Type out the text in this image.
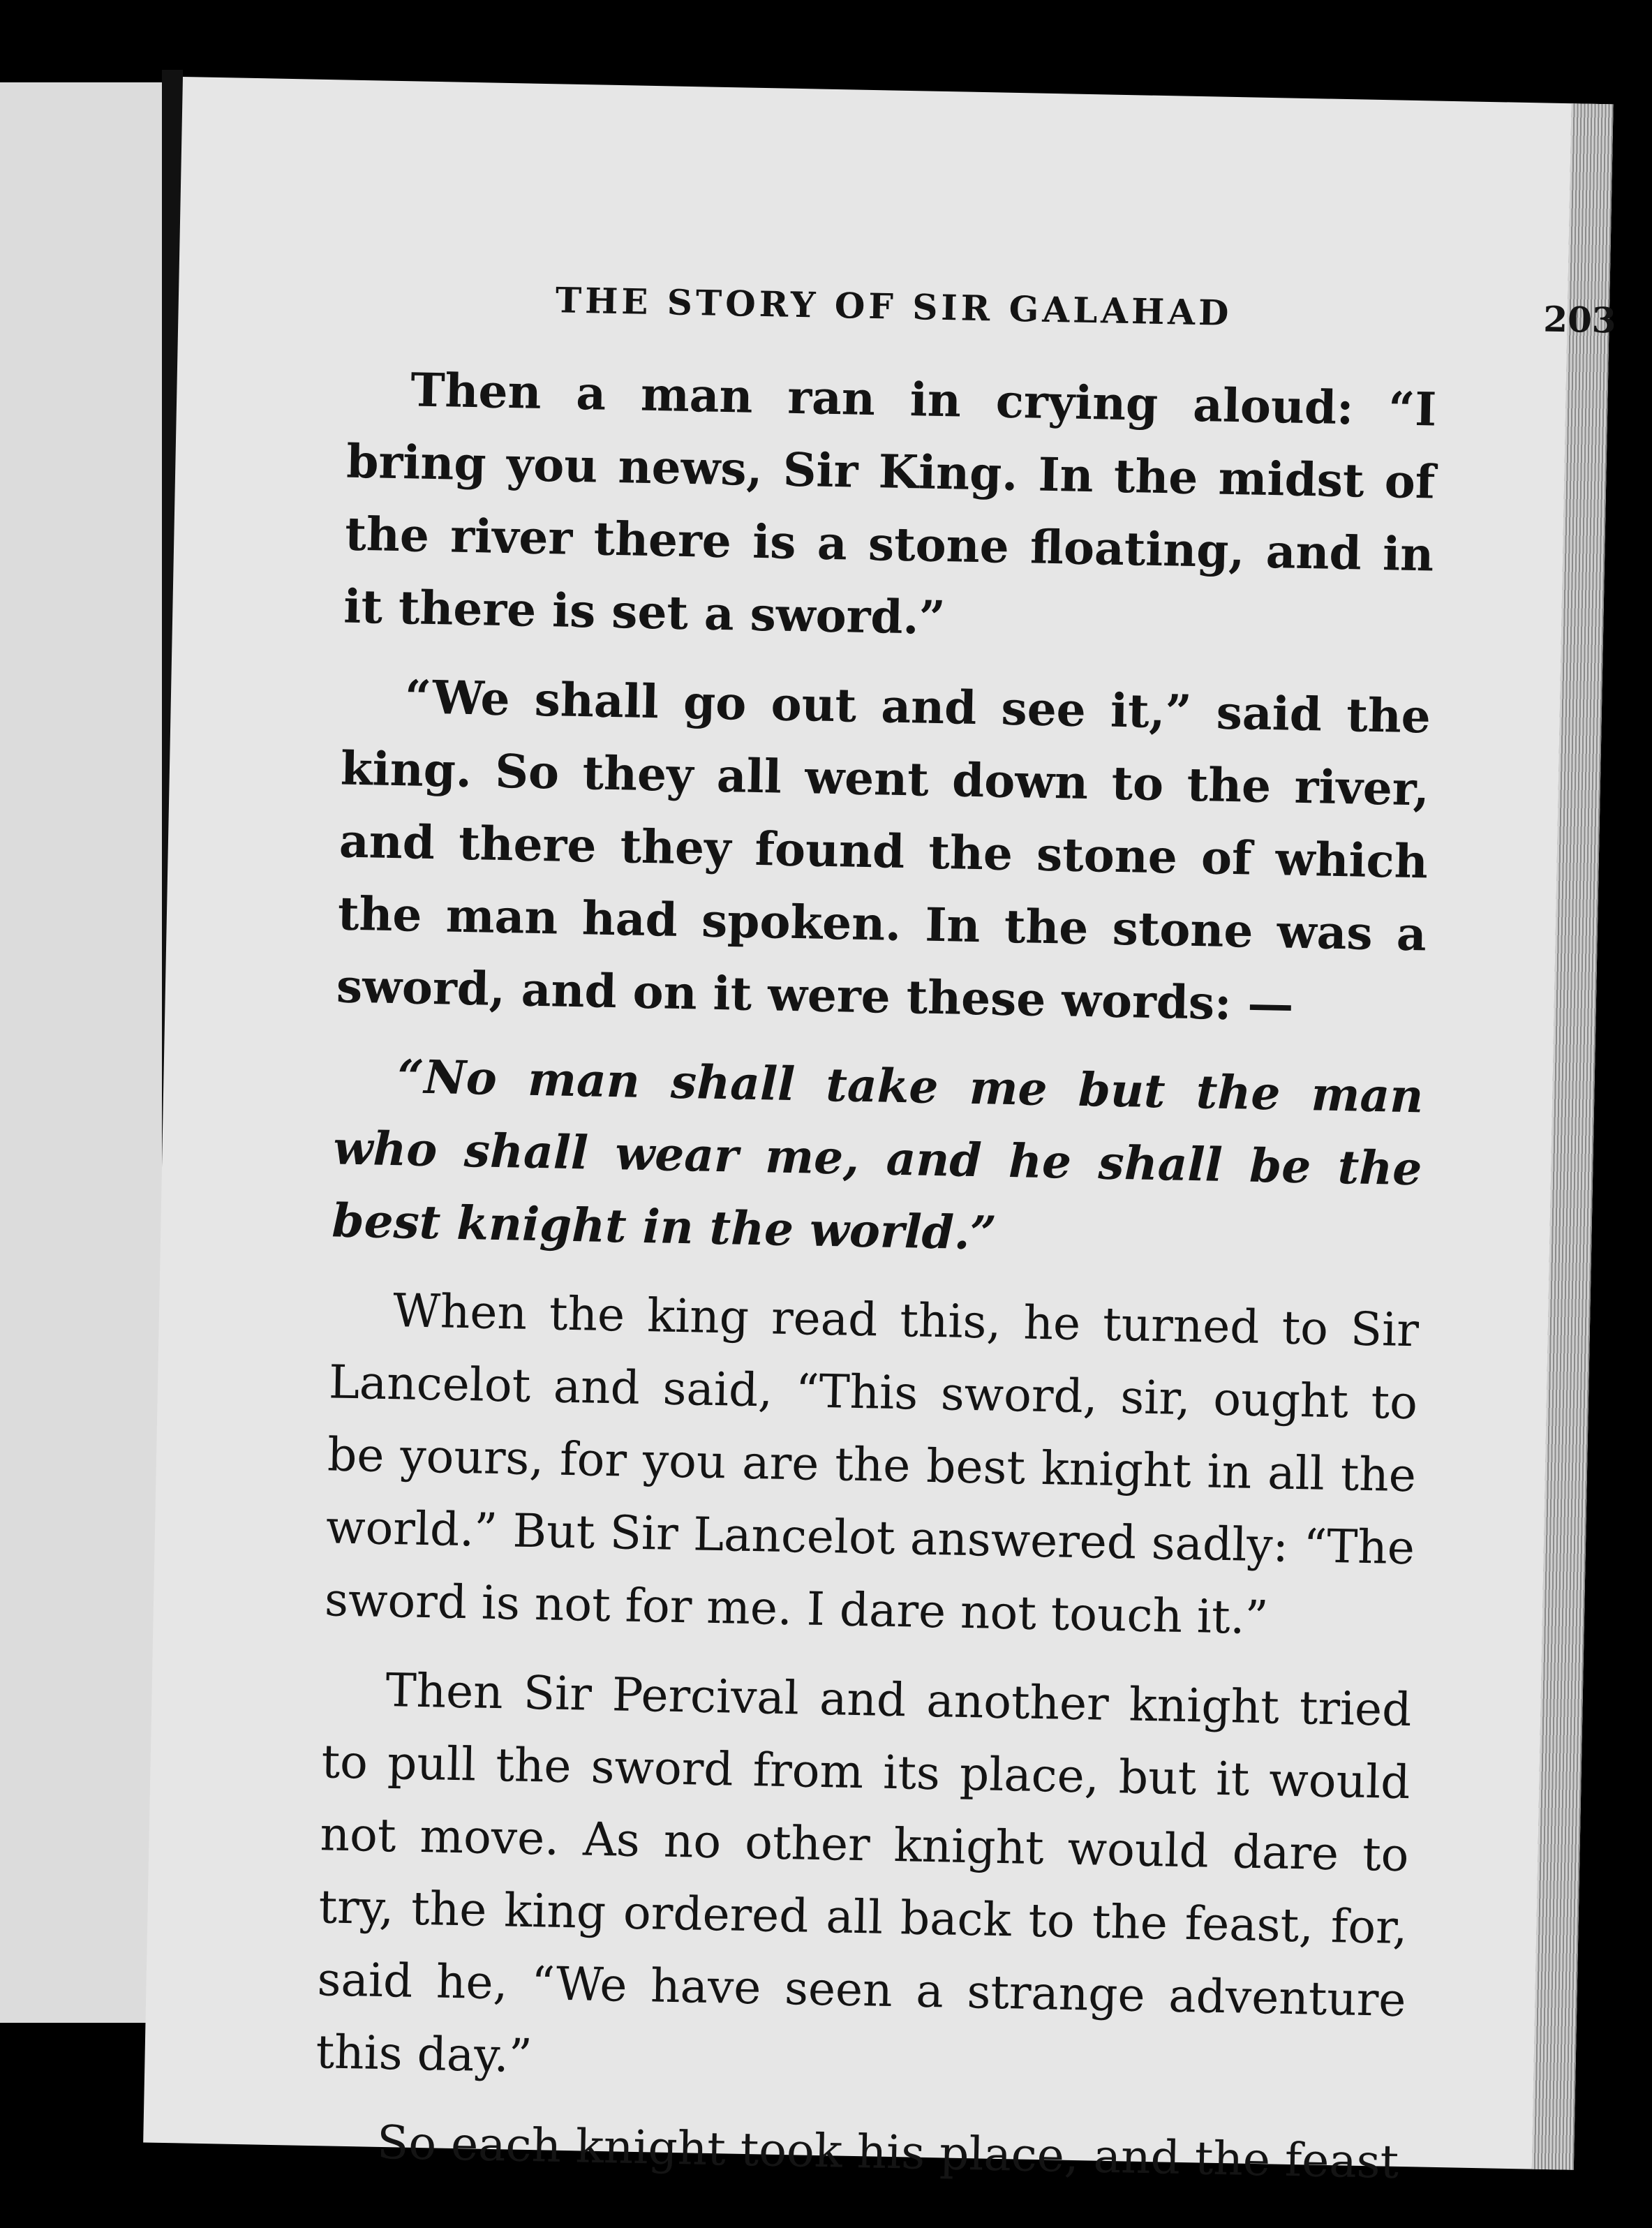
THE STORY OF SIR GALAHAD	203

Then a man ran in crying aloud: “I bring you news, Sir King. In the midst of the river there is a stone floating, and in it there is set a sword.”

“We shall go out and see it,” said the king. So they all went down to the river, and there they found the stone of which the man had spoken. In the stone was a sword, and on it were these words: —

“No man shall take me but the man who shall wear me, and he shall be the best knight in the world.”

When the king read this, he turned to Sir Lancelot and said, “This sword, sir, ought to be yours, for you are the best knight in all the world.” But Sir Lancelot answered sadly: “The sword is not for me. I dare not touch it.”

Then Sir Percival and another knight tried to pull the sword from its place, but it would not move. As no other knight would dare to try, the king ordered all back to the feast, for, said he, “We have seen a strange adventure this day.”

So each knight took his place, and the feast
